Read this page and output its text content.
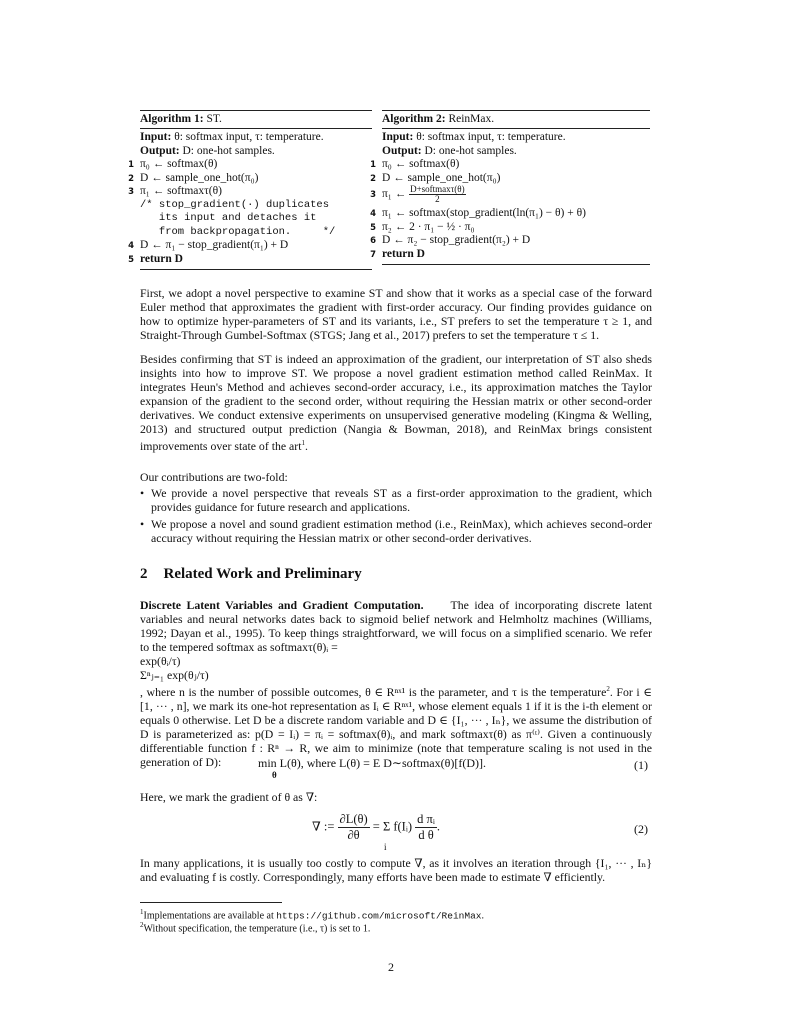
Algorithm 1: ST.
Input: θ: softmax input, τ: temperature.
Output: D: one-hot samples.
1 π₀ ← softmax(θ)
2 D ← sample_one_hot(π₀)
3 π₁ ← softmaxτ(θ)
/* stop_gradient(·) duplicates
its input and detaches it
from backpropagation.     */
4 D ← π₁ − stop_gradient(π₁) + D
5 return D
Algorithm 2: ReinMax.
Input: θ: softmax input, τ: temperature.
Output: D: one-hot samples.
1 π₀ ← softmax(θ)
2 D ← sample_one_hot(π₀)
3 π₁ ← $\frac{\text{D+softmaxτ(θ)}}{2}$
4 π₁ ← softmax(stop_gradient(ln(π₁) − θ) + θ)
5 π₂ ← 2 · π₁ − ½ · π₀
6 D ← π₂ − stop_gradient(π₂) + D
7 return D

First, we adopt a novel perspective to examine ST and show that it works as a special case of the forward Euler method that approximates the gradient with first-order accuracy. Our finding provides guidance on how to optimize hyper-parameters of ST and its variants, i.e., ST prefers to set the temperature τ ≥ 1, and Straight-Through Gumbel-Softmax (STGS; Jang et al., 2017) prefers to set the temperature τ ≤ 1.

Besides confirming that ST is indeed an approximation of the gradient, our interpretation of ST also sheds insights into how to improve ST. We propose a novel gradient estimation method called ReinMax. It integrates Heun's Method and achieves second-order accuracy, i.e., its approximation matches the Taylor expansion of the gradient to the second order, without requiring the Hessian matrix or other second-order derivatives. We conduct extensive experiments on unsupervised generative modeling (Kingma & Welling, 2013) and structured output prediction (Nangia & Bowman, 2018), and ReinMax brings consistent improvements over state of the art$^1$.

Our contributions are two-fold:

• We provide a novel perspective that reveals ST as a first-order approximation to the gradient, which provides guidance for future research and applications.
• We propose a novel and sound gradient estimation method (i.e., ReinMax), which achieves second-order accuracy without requiring the Hessian matrix or other second-order derivatives.
2 Related Work and Preliminary

Discrete Latent Variables and Gradient Computation. The idea of incorporating discrete latent variables and neural networks dates back to sigmoid belief network and Helmholtz machines (Williams, 1992; Dayan et al., 1995). To keep things straightforward, we will focus on a simplified scenario. We refer to the tempered softmax as softmaxτ(θ)ᵢ =

exp(θᵢ/τ)
Σⁿⱼ₌₁ exp(θⱼ/τ)
, where n is the number of possible outcomes, θ ∈ Rⁿˣ¹ is the parameter, and τ is the temperature$^2$. For i ∈ [1, ··· , n], we mark its one-hot representation as Iᵢ ∈ Rⁿˣ¹, whose element equals 1 if it is the i-th element or equals 0 otherwise. Let D be a discrete random variable and D ∈ {I₁, ··· , Iₙ}, we assume the distribution of D is parameterized as: p(D = Iᵢ) = πᵢ = softmax(θ)ᵢ, and mark softmaxτ(θ) as π⁽ᵗ⁾. Given a continuously differentiable function f : Rⁿ → R, we aim to minimize (note that temperature scaling is not used in the generation of D):	min L(θ), where L(θ) = E D∼softmax(θ)[f(D)].
θ
(1)

Here, we mark the gradient of θ as ∇:

∇ := $\frac{\partial L(\theta)}{\partial\theta} = \Sigma$ f(Iᵢ) $\frac{\text{d πᵢ}}{\text{d θ}}$ .
i
(2)

In many applications, it is usually too costly to compute ∇, as it involves an iteration through {I₁, ··· , Iₙ} and evaluating f is costly. Correspondingly, many efforts have been made to estimate ∇ efficiently.

$^1$Implementations are available at https://github.com/microsoft/ReinMax.
$^2$Without specification, the temperature (i.e., τ) is set to 1.
2
